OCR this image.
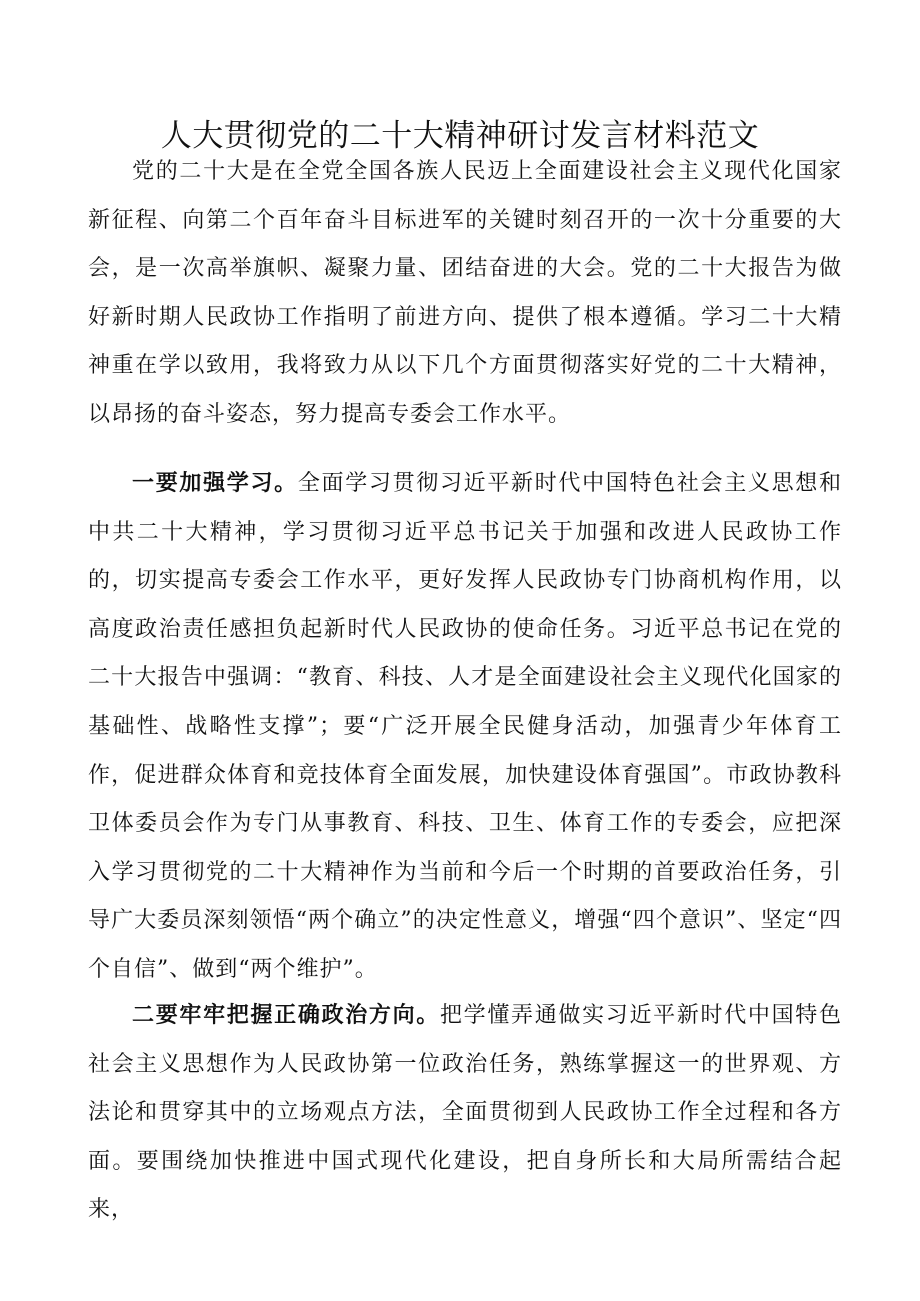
人大贯彻党的二十大精神研讨发言材料范文

党的二十大是在全党全国各族人民迈上全面建设社会主义现代化国家新征程、向第二个百年奋斗目标进军的关键时刻召开的一次十分重要的大会，是一次高举旗帜、凝聚力量、团结奋进的大会。党的二十大报告为做好新时期人民政协工作指明了前进方向、提供了根本遵循。学习二十大精神重在学以致用，我将致力从以下几个方面贯彻落实好党的二十大精神，以昂扬的奋斗姿态，努力提高专委会工作水平。

一要加强学习。全面学习贯彻习近平新时代中国特色社会主义思想和中共二十大精神，学习贯彻习近平总书记关于加强和改进人民政协工作的，切实提高专委会工作水平，更好发挥人民政协专门协商机构作用，以高度政治责任感担负起新时代人民政协的使命任务。习近平总书记在党的二十大报告中强调：“教育、科技、人才是全面建设社会主义现代化国家的基础性、战略性支撑”；要“广泛开展全民健身活动，加强青少年体育工作，促进群众体育和竞技体育全面发展，加快建设体育强国”。市政协教科卫体委员会作为专门从事教育、科技、卫生、体育工作的专委会，应把深入学习贯彻党的二十大精神作为当前和今后一个时期的首要政治任务，引导广大委员深刻领悟“两个确立”的决定性意义，增强“四个意识”、坚定“四个自信”、做到“两个维护”。

二要牢牢把握正确政治方向。把学懂弄通做实习近平新时代中国特色社会主义思想作为人民政协第一位政治任务，熟练掌握这一的世界观、方法论和贯穿其中的立场观点方法，全面贯彻到人民政协工作全过程和各方面。要围绕加快推进中国式现代化建设，把自身所长和大局所需结合起来，
